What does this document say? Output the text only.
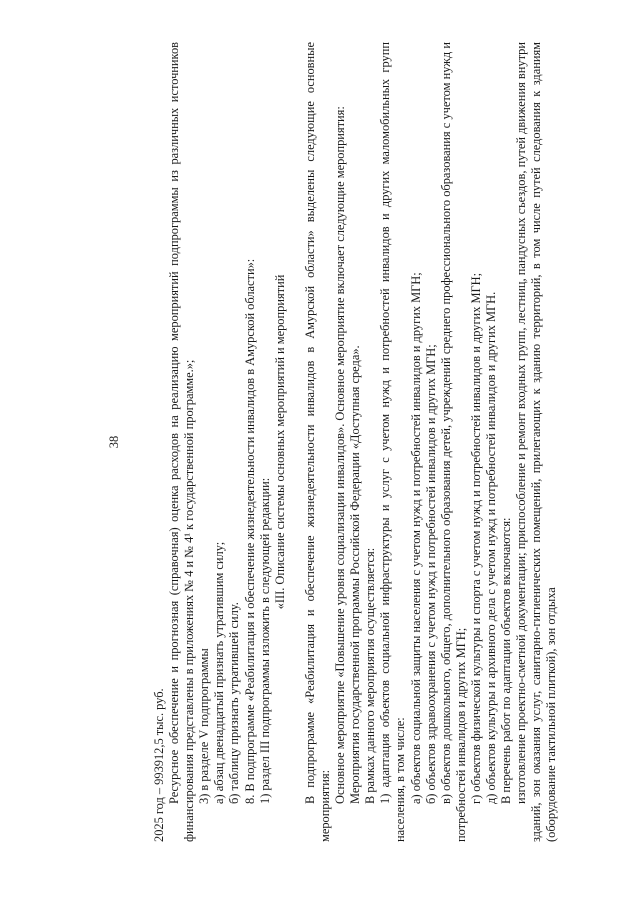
38

2025 год – 993912,5 тыс. руб. Ресурсное обеспечение и прогнозная (справочная) оценка расходов на реализацию мероприятий подпрограммы из различных источников финансирования представлены в приложениях № 4 и № 4¹ к государственной программе.»; 3) в разделе V подпрограммы а) абзац двенадцатый признать утратившим силу; б) таблицу признать утратившей силу. 8. В подпрограмме «Реабилитация и обеспечение жизнедеятельности инвалидов в Амурской области»: 1) раздел III подпрограммы изложить в следующей редакции:

«III. Описание системы основных мероприятий и мероприятий В подпрограмме «Реабилитация и обеспечение жизнедеятельности инвалидов в Амурской области» выделены следующие основные мероприятия:

Основное мероприятие «Повышение уровня социализации инвалидов». Основное мероприятие включает следующие мероприятия: Мероприятия государственной программы Российской Федерации «Доступная среда». В рамках данного мероприятия осуществляется: 1) адаптация объектов социальной инфраструктуры и услуг с учетом нужд и потребностей инвалидов и других маломобильных групп населения, в том числе: а) объектов социальной защиты населения с учетом нужд и потребностей инвалидов и других МГН; б) объектов здравоохранения с учетом нужд и потребностей инвалидов и других МГН; в) объектов дошкольного, общего, дополнительного образования детей, учреждений среднего профессионального образования с учетом нужд и потребностей инвалидов и других МГН; г) объектов физической культуры и спорта с учетом нужд и потребностей инвалидов и других МГН; д) объектов культуры и архивного дела с учетом нужд и потребностей инвалидов и других МГН. В перечень работ по адаптации объектов включаются: изготовление проектно-сметной документации; приспособление и ремонт входных групп, лестниц, пандусных съездов, путей движения внутри зданий, зон оказания услуг, санитарно-гигиенических помещений, прилегающих к зданию территорий, в том числе путей следования к зданиям (оборудование тактильной плиткой), зон отдыха
